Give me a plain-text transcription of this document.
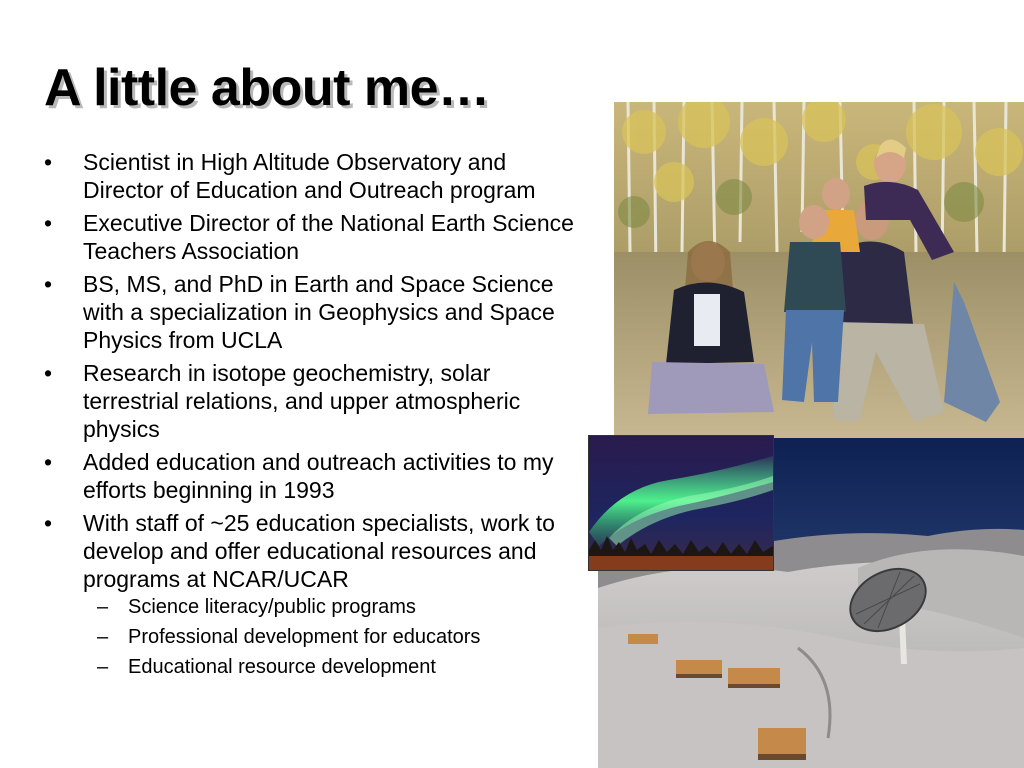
A little about me…
• Scientist in High Altitude Observatory and Director of Education and Outreach program
• Executive Director of the National Earth Science Teachers Association
• BS, MS, and PhD in Earth and Space Science with a specialization in Geophysics and Space Physics from UCLA
• Research in isotope geochemistry, solar terrestrial relations, and upper atmospheric physics
• Added education and outreach activities to my efforts beginning in 1993
• With staff of ~25 education specialists, work to develop and offer educational resources and programs at NCAR/UCAR
– Science literacy/public programs
– Professional development for educators
– Educational resource development
